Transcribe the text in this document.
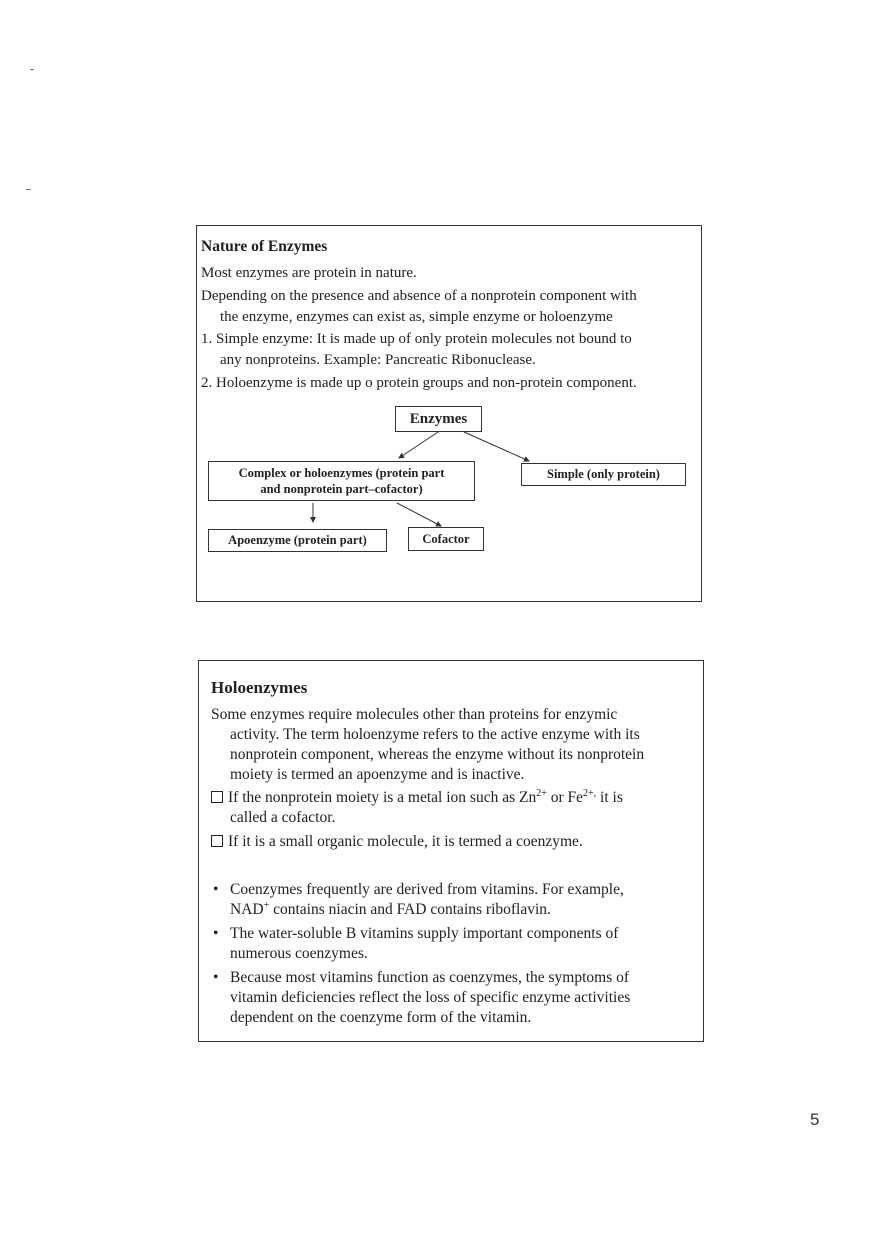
Nature of Enzymes
Most enzymes are protein in nature.
Depending on the presence and absence of a nonprotein component with
the enzyme, enzymes can exist as, simple enzyme or holoenzyme
1. Simple enzyme: It is made up of only protein molecules not bound to
any nonproteins. Example: Pancreatic Ribonuclease.
2. Holoenzyme is made up o protein groups and non-protein component.
Enzymes
Complex or holoenzymes (protein part
and nonprotein part–cofactor)
Simple (only protein)
Apoenzyme (protein part)	Cofactor
Holoenzymes
Some enzymes require molecules other than proteins for enzymic
activity. The term holoenzyme refers to the active enzyme with its
nonprotein component, whereas the enzyme without its nonprotein
moiety is termed an apoenzyme and is inactive.
If the nonprotein moiety is a metal ion such as $Zn^{2+}$ or $Fe^{2+,}$ it is
called a cofactor.
If it is a small organic molecule, it is termed a coenzyme.
• Coenzymes frequently are derived from vitamins. For example,
NAD+ contains niacin and FAD contains riboflavin.
• The water-soluble B vitamins supply important components of
numerous coenzymes.
• Because most vitamins function as coenzymes, the symptoms of
vitamin deficiencies reflect the loss of specific enzyme activities
dependent on the coenzyme form of the vitamin.
5
